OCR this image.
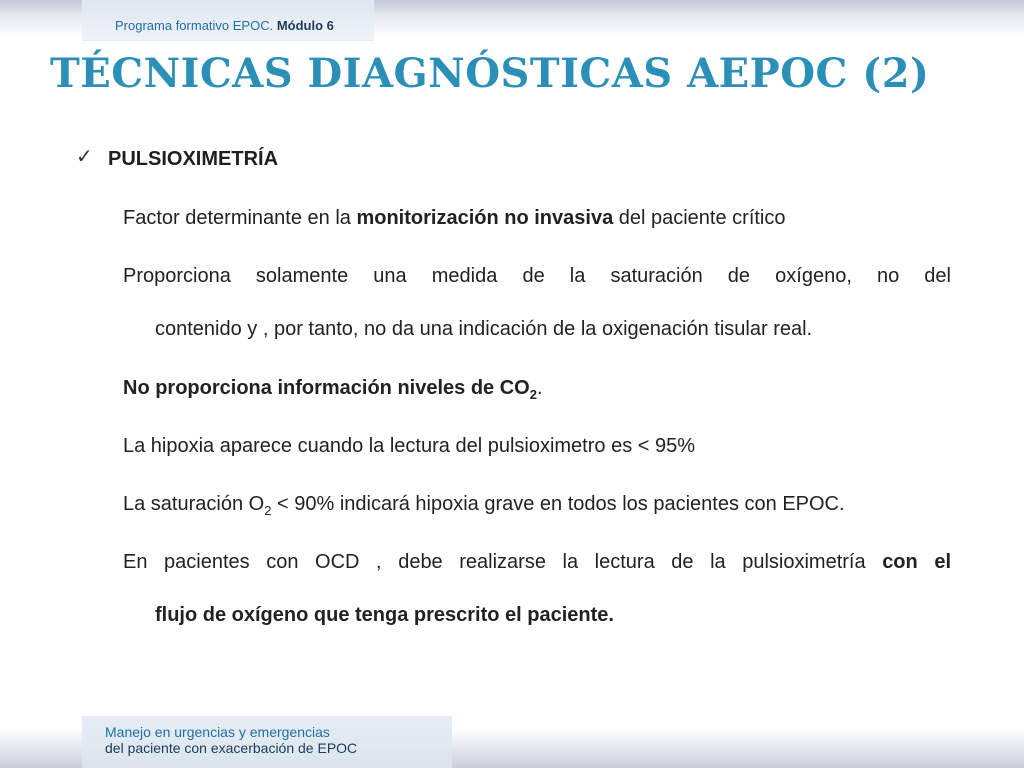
Programa formativo EPOC. Módulo 6
TÉCNICAS DIAGNÓSTICAS AEPOC (2)
✓ PULSIOXIMETRÍA
Factor determinante en la monitorización no invasiva del paciente crítico
Proporciona solamente una medida de la saturación de oxígeno, no del
contenido y , por tanto, no da una indicación de la oxigenación tisular real.
No proporciona información niveles de $CO_2$.
La hipoxia aparece cuando la lectura del pulsioximetro es < 95%
La saturación $O_2 < 90\%$ indicará hipoxia grave en todos los pacientes con EPOC.
En pacientes con OCD , debe realizarse la lectura de la pulsioximetría con el
flujo de oxígeno que tenga prescrito el paciente.
Manejo en urgencias y emergencias
del paciente con exacerbación de EPOC
